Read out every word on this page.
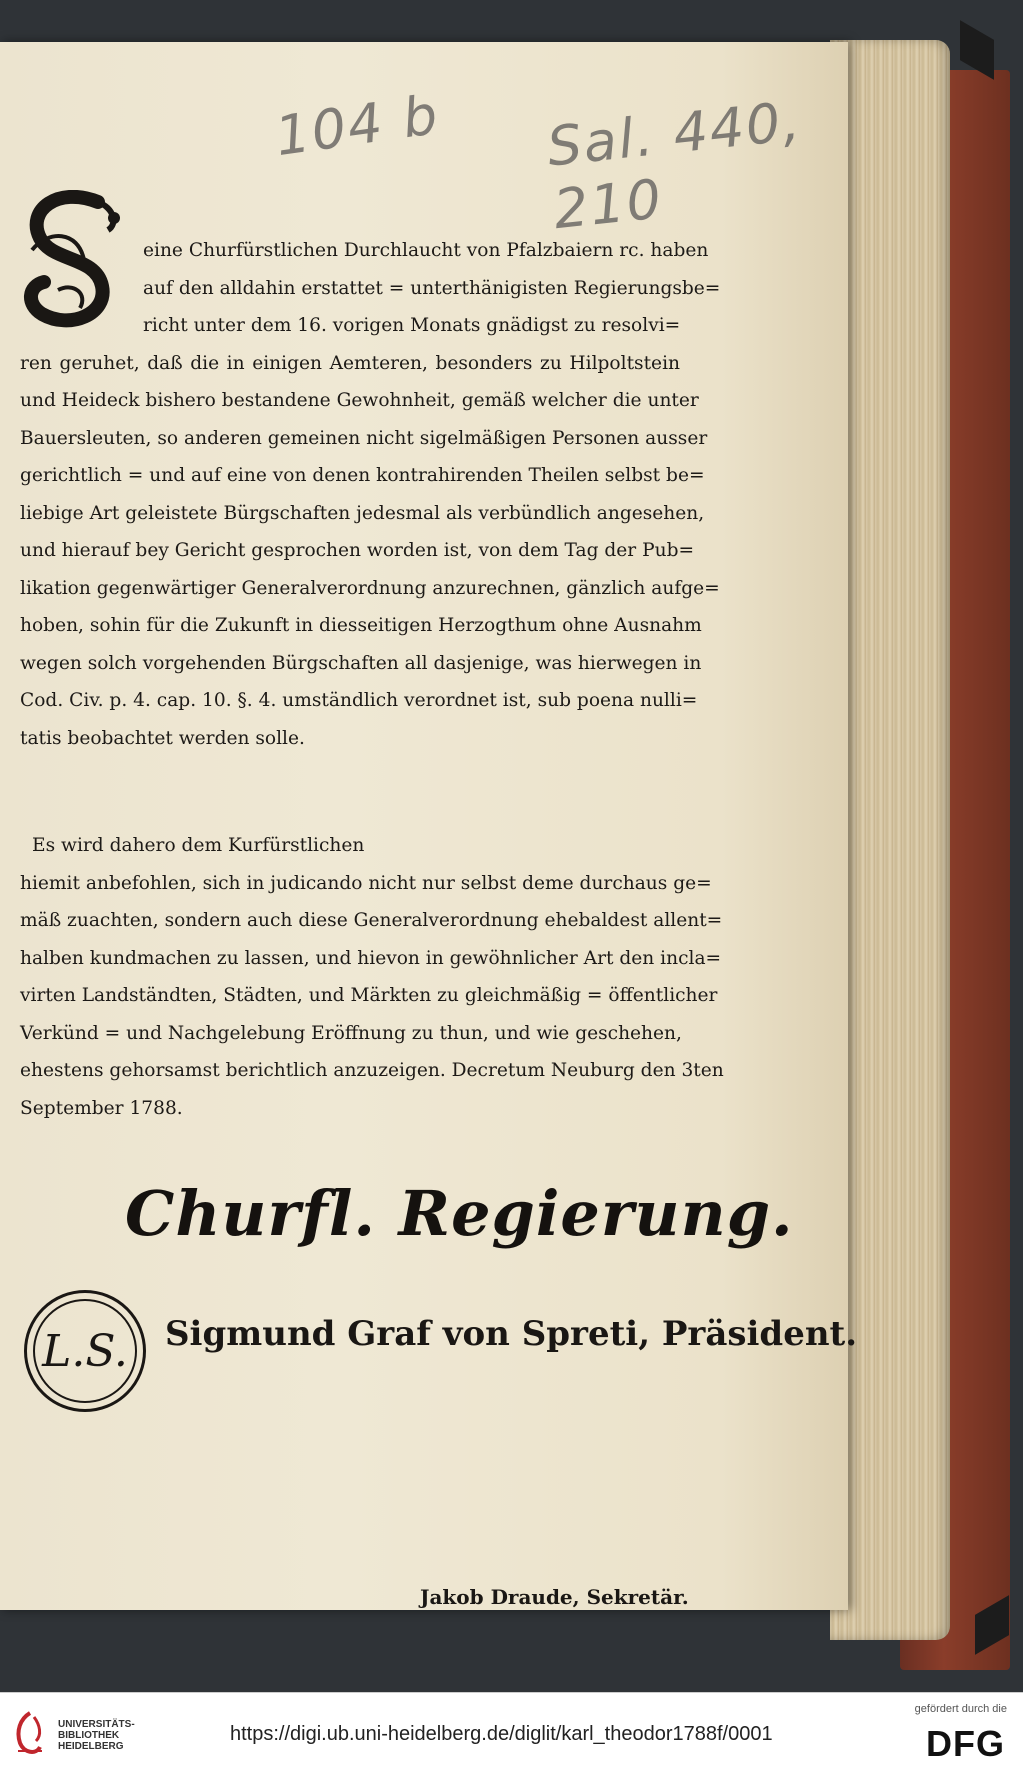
104 b Sal. 440, 210
S
eine Churfürstlichen Durchlaucht von Pfalzbaiern rc. haben
auf den alldahin erstattet = unterthänigisten Regierungsbe=
richt unter dem 16. vorigen Monats gnädigst zu resolvi=
ren geruhet, daß die in einigen Aemteren, besonders zu Hilpoltstein
und Heideck bishero bestandene Gewohnheit, gemäß welcher die unter
Bauersleuten, so anderen gemeinen nicht sigelmäßigen Personen ausser
gerichtlich = und auf eine von denen kontrahirenden Theilen selbst be=
liebige Art geleistete Bürgschaften jedesmal als verbündlich angesehen,
und hierauf bey Gericht gesprochen worden ist, von dem Tag der Pub=
likation gegenwärtiger Generalverordnung anzurechnen, gänzlich aufge=
hoben, sohin für die Zukunft in diesseitigen Herzogthum ohne Ausnahm
wegen solch vorgehenden Bürgschaften all dasjenige, was hierwegen in
Cod. Civ. p. 4. cap. 10. §. 4. umständlich verordnet ist, sub poena nulli=
tatis beobachtet werden solle.
Es wird dahero dem Kurfürstlichen
hiemit anbefohlen, sich in judicando nicht nur selbst deme durchaus ge=
mäß zuachten, sondern auch diese Generalverordnung ehebaldest allent=
halben kundmachen zu lassen, und hievon in gewöhnlicher Art den incla=
virten Landständten, Städten, und Märkten zu gleichmäßig = öffentlicher
Verkünd = und Nachgelebung Eröffnung zu thun, und wie geschehen,
ehestens gehorsamst berichtlich anzuzeigen. Decretum Neuburg den 3ten
September 1788.
Churfl. Regierung.
L.S. Sigmund Graf von Spreti, Präsident.
Jakob Draude, Sekretär.
UNIVERSITÄTS-
BIBLIOTHEK
HEIDELBERG
https://digi.ub.uni-heidelberg.de/diglit/karl_theodor1788f/0001
gefördert durch die
DFG
